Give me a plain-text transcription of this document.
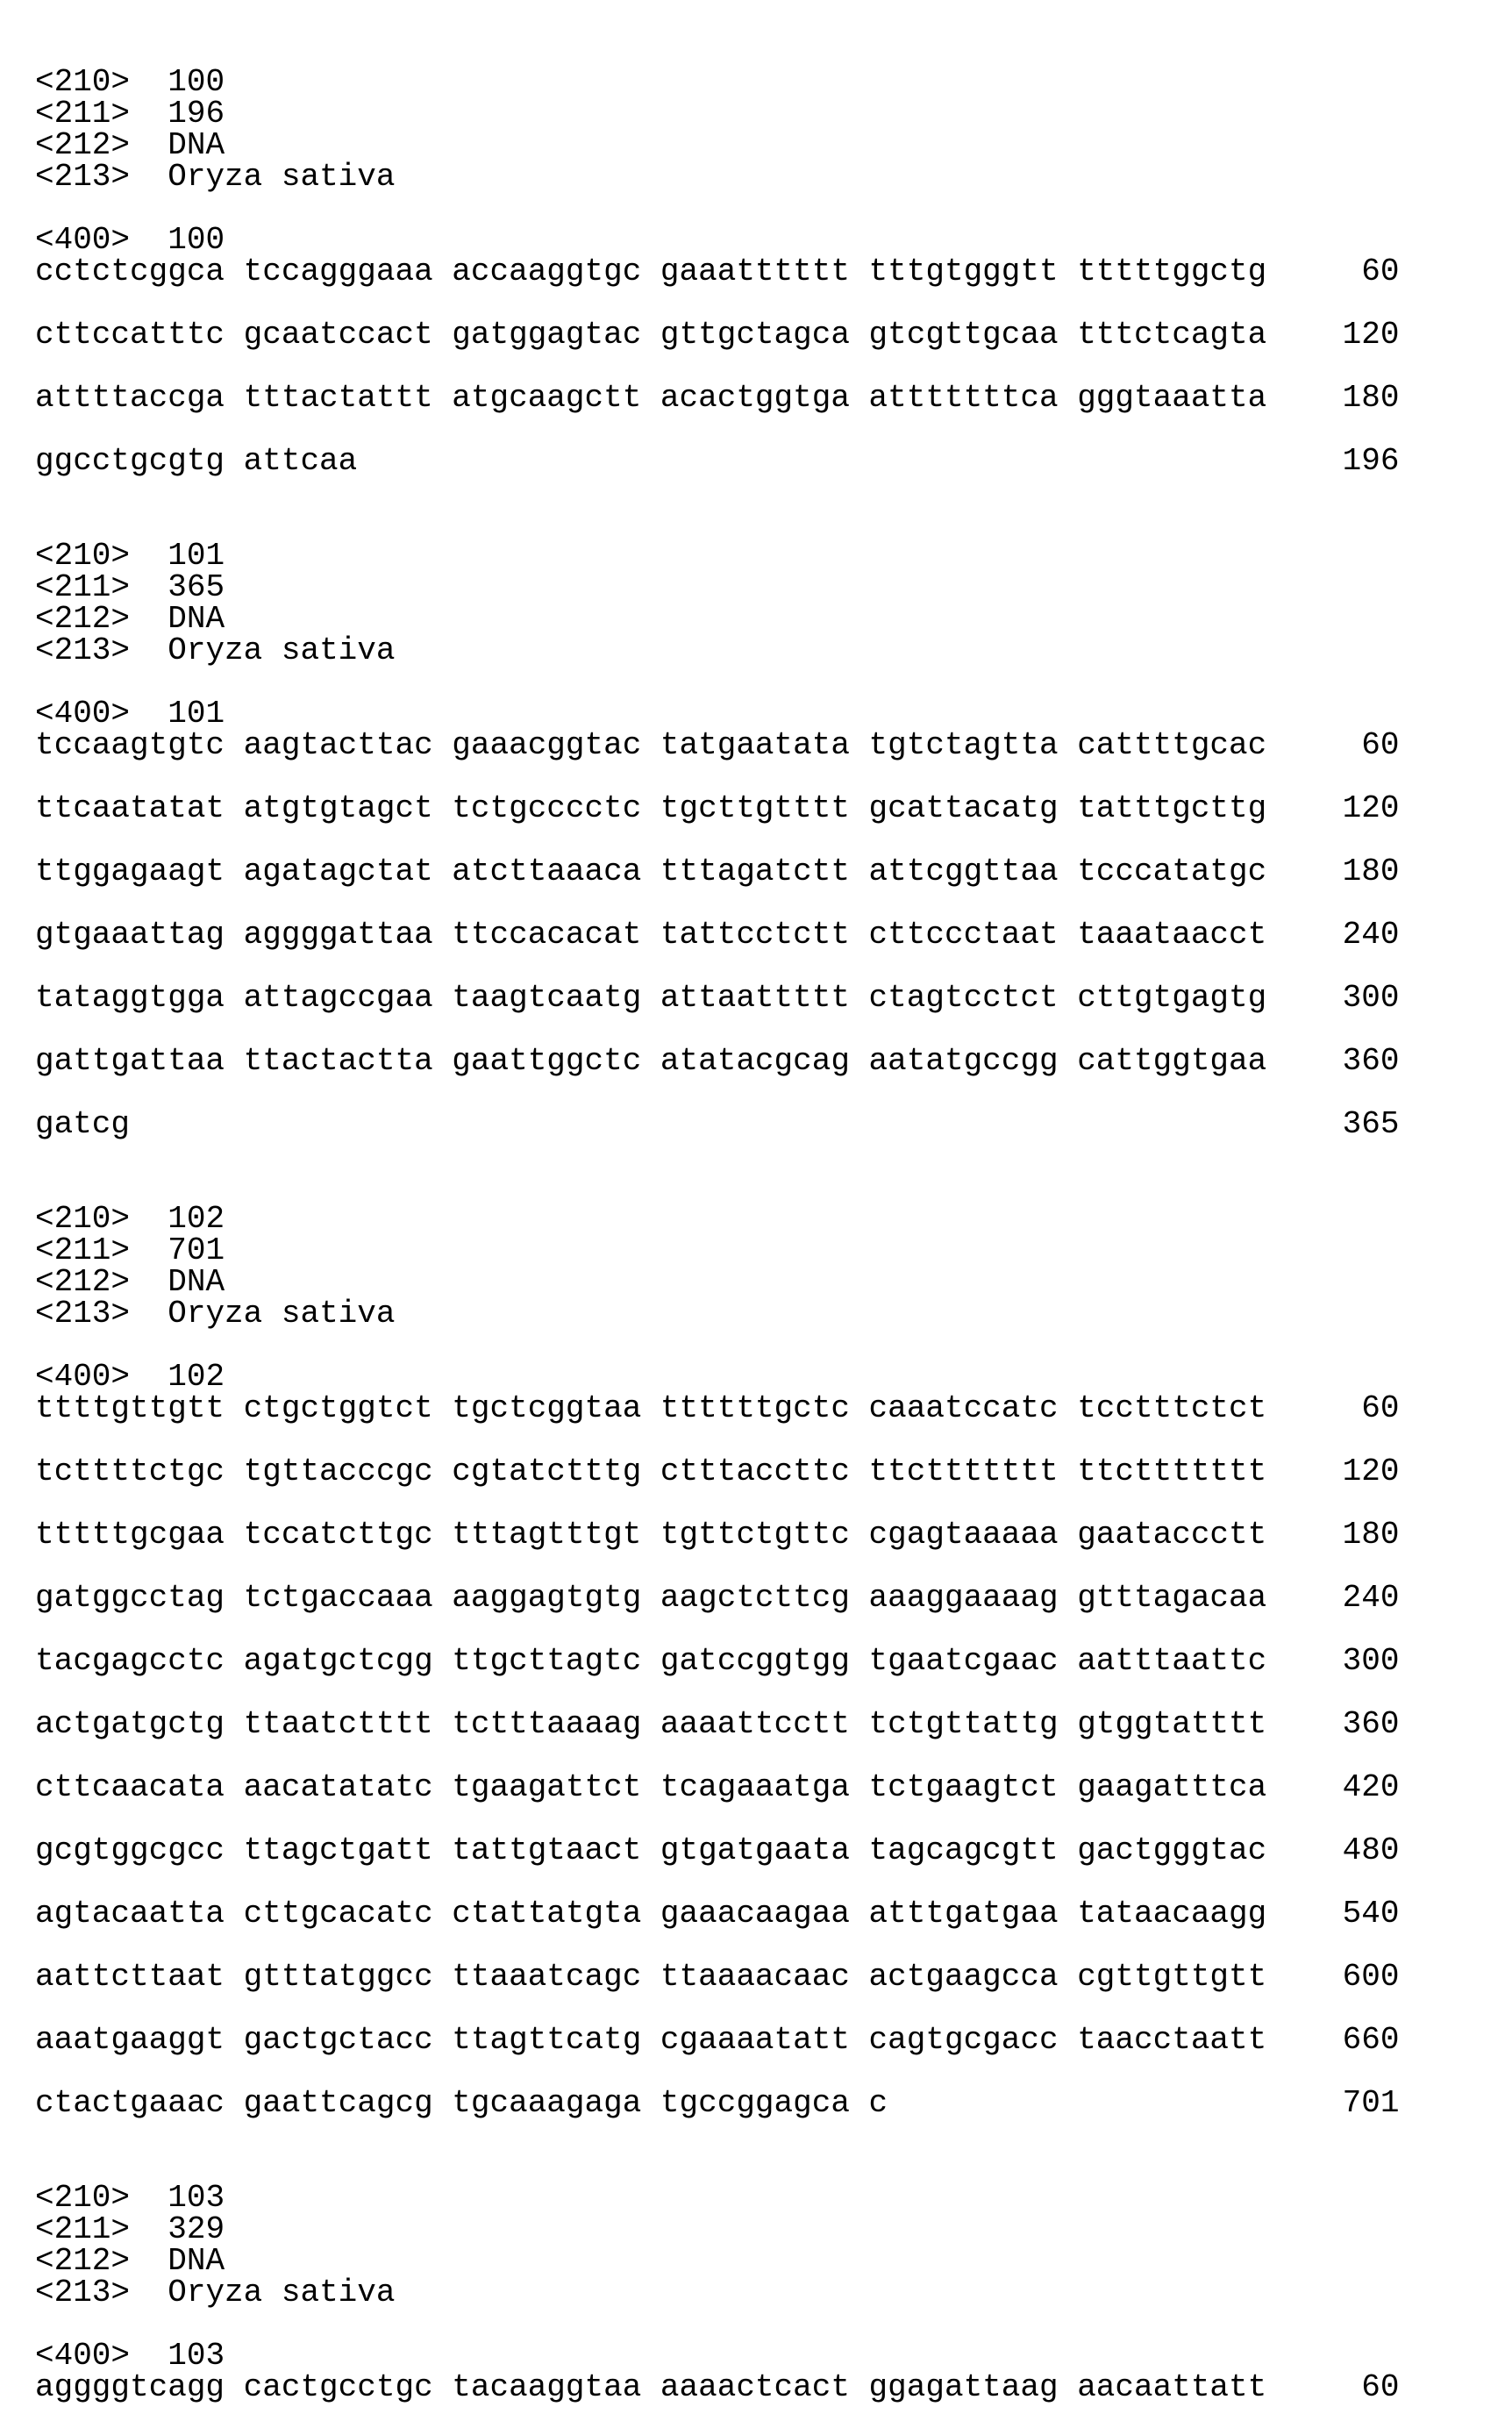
<210>  100
<211>  196
<212>  DNA
<213>  Oryza sativa

<400>  100
cctctcggca tccagggaaa accaaggtgc gaaatttttt tttgtgggtt tttttggctg     60

cttccatttc gcaatccact gatggagtac gttgctagca gtcgttgcaa tttctcagta    120

attttaccga tttactattt atgcaagctt acactggtga atttttttca gggtaaatta    180

ggcctgcgtg attcaa                                                    196

<210>  101
<211>  365
<212>  DNA
<213>  Oryza sativa

<400>  101
tccaagtgtc aagtacttac gaaacggtac tatgaatata tgtctagtta cattttgcac     60

ttcaatatat atgtgtagct tctgcccctc tgcttgtttt gcattacatg tatttgcttg    120

ttggagaagt agatagctat atcttaaaca tttagatctt attcggttaa tcccatatgc    180

gtgaaattag aggggattaa ttccacacat tattcctctt cttccctaat taaataacct    240

tataggtgga attagccgaa taagtcaatg attaattttt ctagtcctct cttgtgagtg    300

gattgattaa ttactactta gaattggctc atatacgcag aatatgccgg cattggtgaa    360

gatcg                                                                365

<210>  102
<211>  701
<212>  DNA
<213>  Oryza sativa

<400>  102
ttttgttgtt ctgctggtct tgctcggtaa ttttttgctc caaatccatc tcctttctct     60

tcttttctgc tgttacccgc cgtatctttg ctttaccttc ttcttttttt ttcttttttt    120

tttttgcgaa tccatcttgc tttagtttgt tgttctgttc cgagtaaaaa gaataccctt    180

gatggcctag tctgaccaaa aaggagtgtg aagctcttcg aaaggaaaag gtttagacaa    240

tacgagcctc agatgctcgg ttgcttagtc gatccggtgg tgaatcgaac aatttaattc    300

actgatgctg ttaatctttt tctttaaaag aaaattcctt tctgttattg gtggtatttt    360

cttcaacata aacatatatc tgaagattct tcagaaatga tctgaagtct gaagatttca    420

gcgtggcgcc ttagctgatt tattgtaact gtgatgaata tagcagcgtt gactgggtac    480

agtacaatta cttgcacatc ctattatgta gaaacaagaa atttgatgaa tataacaagg    540

aattcttaat gtttatggcc ttaaatcagc ttaaaacaac actgaagcca cgttgttgtt    600

aaatgaaggt gactgctacc ttagttcatg cgaaaatatt cagtgcgacc taacctaatt    660

ctactgaaac gaattcagcg tgcaaagaga tgccggagca c                        701

<210>  103
<211>  329
<212>  DNA
<213>  Oryza sativa

<400>  103
aggggtcagg cactgcctgc tacaaggtaa aaaactcact ggagattaag aacaattatt     60
